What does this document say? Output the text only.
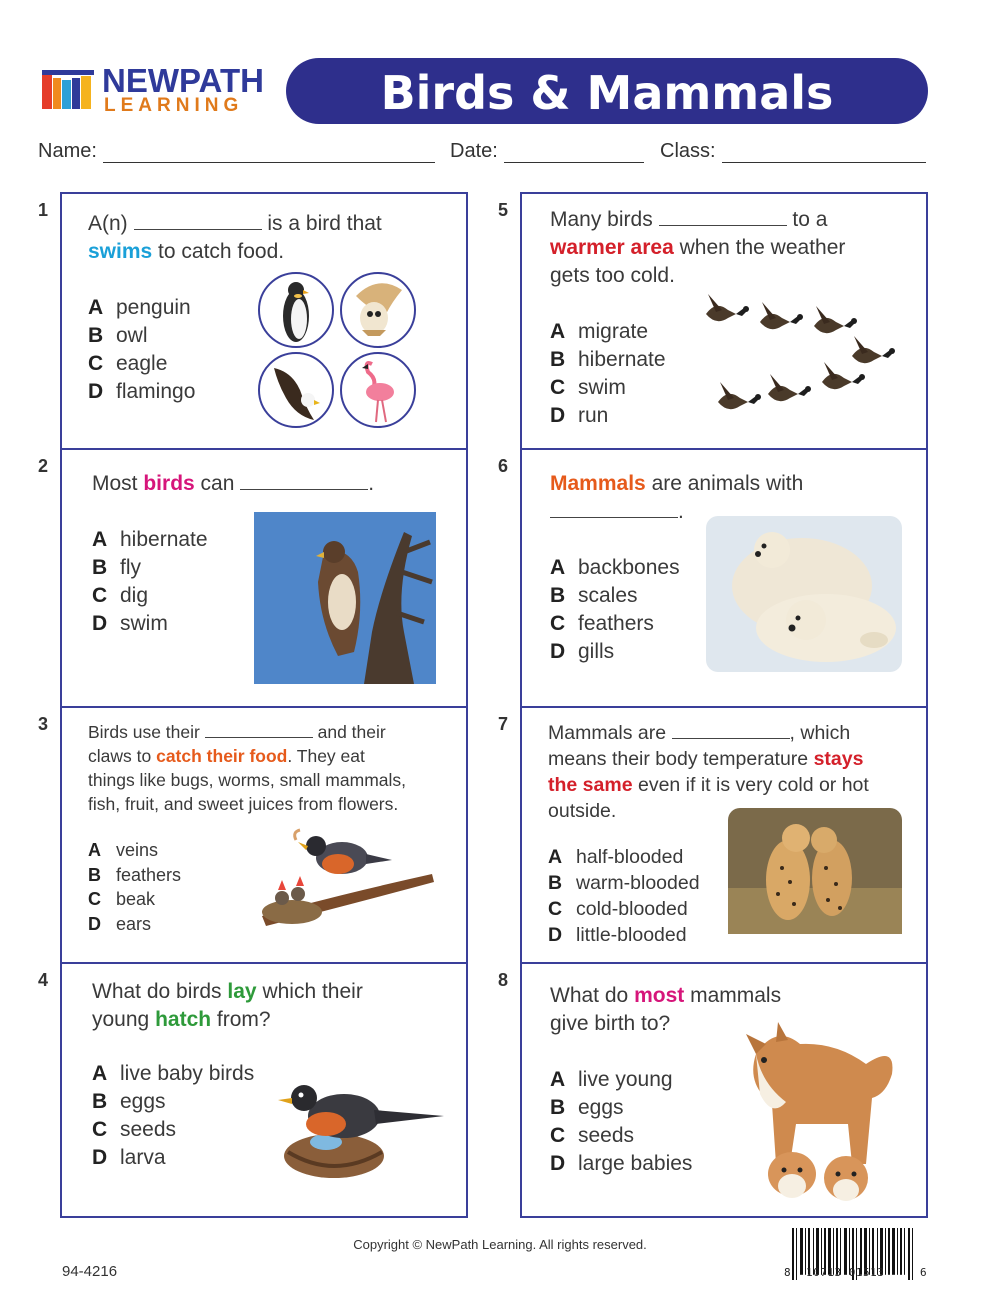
NEWPATH
LEARNING	Birds & Mammals
Name:	Date:	Class:
1
2
3
4
5
6
7
8
A(n)	is a bird that
swims to catch food.
A penguin
B owl
C eagle
D flamingo
Most birds can	.
A hibernate
B fly
C dig
D swim
Birds use their	and their
claws to catch their food. They eat
things like bugs, worms, small mammals,
fish, fruit, and sweet juices from flowers.
A veins
B feathers
C beak
D ears
What do birds lay which their
young hatch from?
A live baby birds
B eggs
C seeds
D larva
Many birds	to a
warmer area when the weather
gets too cold.
A migrate
B hibernate
C swim
D run
Mammals are animals with
.
A backbones
B scales
C feathers
D gills
Mammals are	, which
means their body temperature stays
the same even if it is very cold or hot
outside.
A half-blooded
B warm-blooded
C cold-blooded
D little-blooded
What do most mammals
give birth to?
A live young
B eggs
C seeds
D large babies
Copyright © NewPath Learning. All rights reserved.
94-4216	8 10713 01513	6
